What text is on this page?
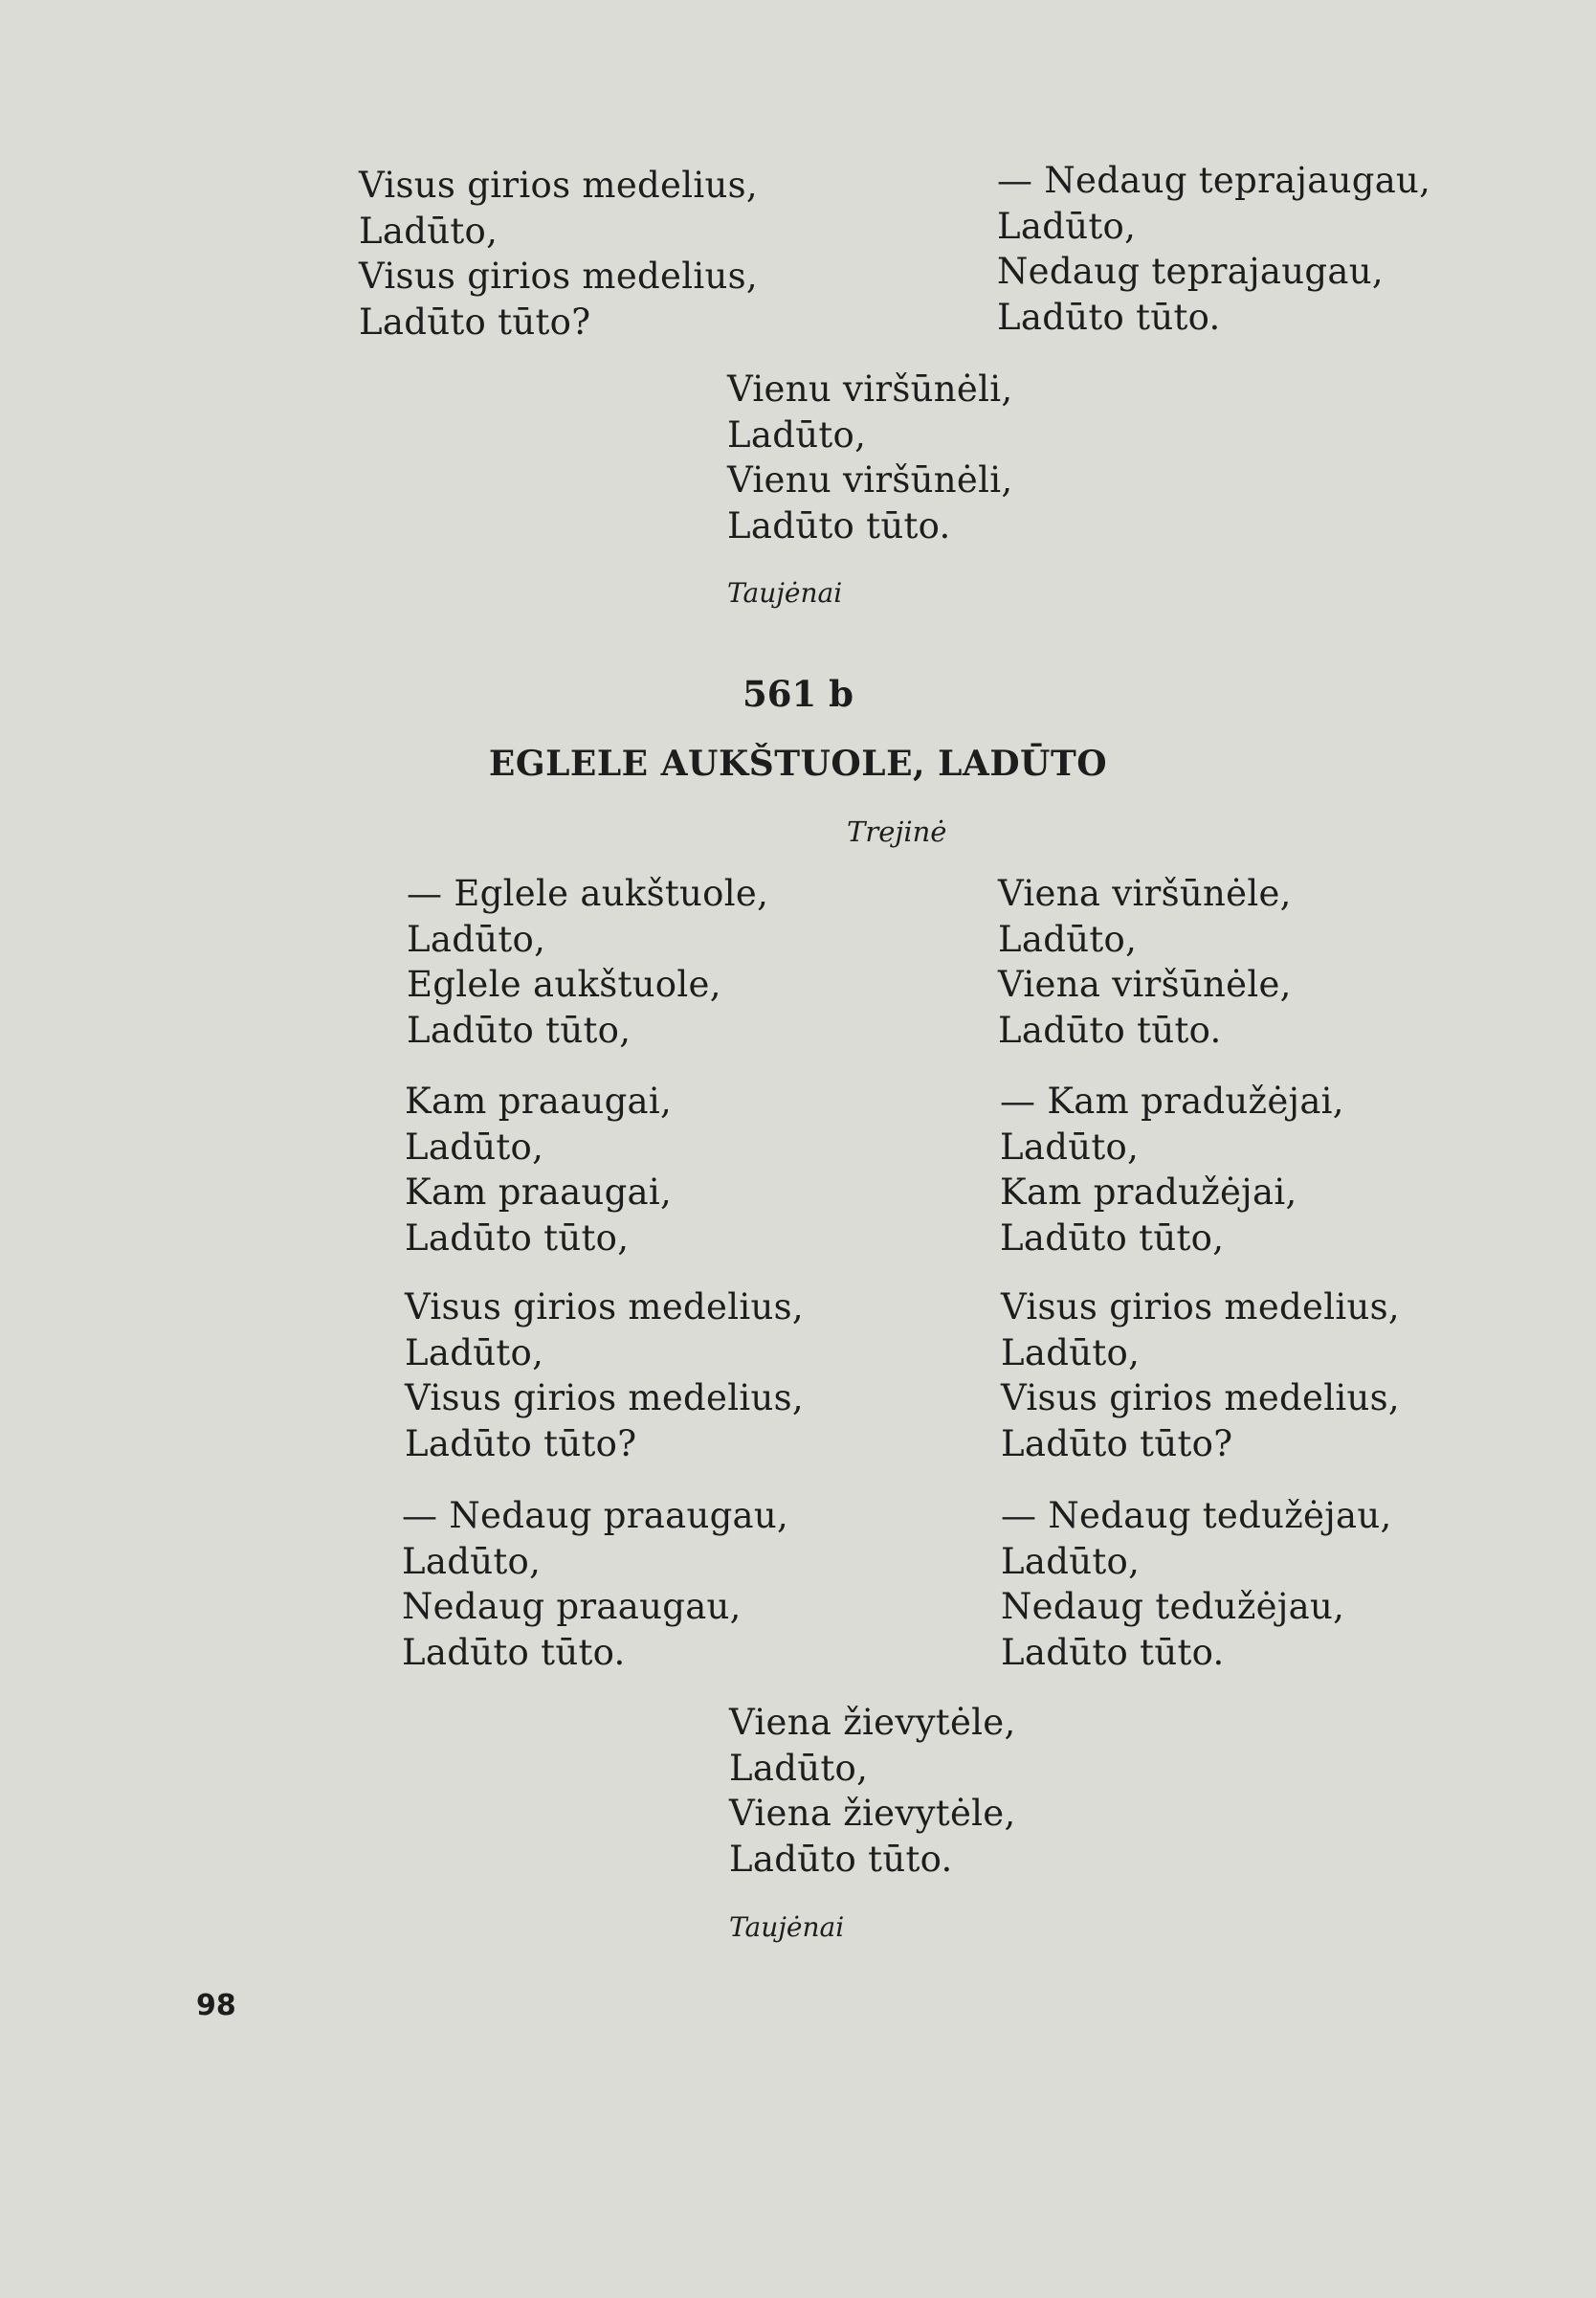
Visus girios medelius,
Ladūto,
Visus girios medelius,
Ladūto tūto?
— Nedaug teprajaugau,
Ladūto,
Nedaug teprajaugau,
Ladūto tūto.
Vienu viršūnėli,
Ladūto,
Vienu viršūnėli,
Ladūto tūto.
Taujėnai
561 b
EGLELE AUKŠTUOLE, LADŪTO
Trejinė
— Eglele aukštuole,
Ladūto,
Eglele aukštuole,
Ladūto tūto,
Kam praaugai,
Ladūto,
Kam praaugai,
Ladūto tūto,
Visus girios medelius,
Ladūto,
Visus girios medelius,
Ladūto tūto?
— Nedaug praaugau,
Ladūto,
Nedaug praaugau,
Ladūto tūto.
Viena viršūnėle,
Ladūto,
Viena viršūnėle,
Ladūto tūto.
— Kam pradužėjai,
Ladūto,
Kam pradužėjai,
Ladūto tūto,
Visus girios medelius,
Ladūto,
Visus girios medelius,
Ladūto tūto?
— Nedaug tedužėjau,
Ladūto,
Nedaug tedužėjau,
Ladūto tūto.
Viena žievytėle,
Ladūto,
Viena žievytėle,
Ladūto tūto.
Taujėnai
98
